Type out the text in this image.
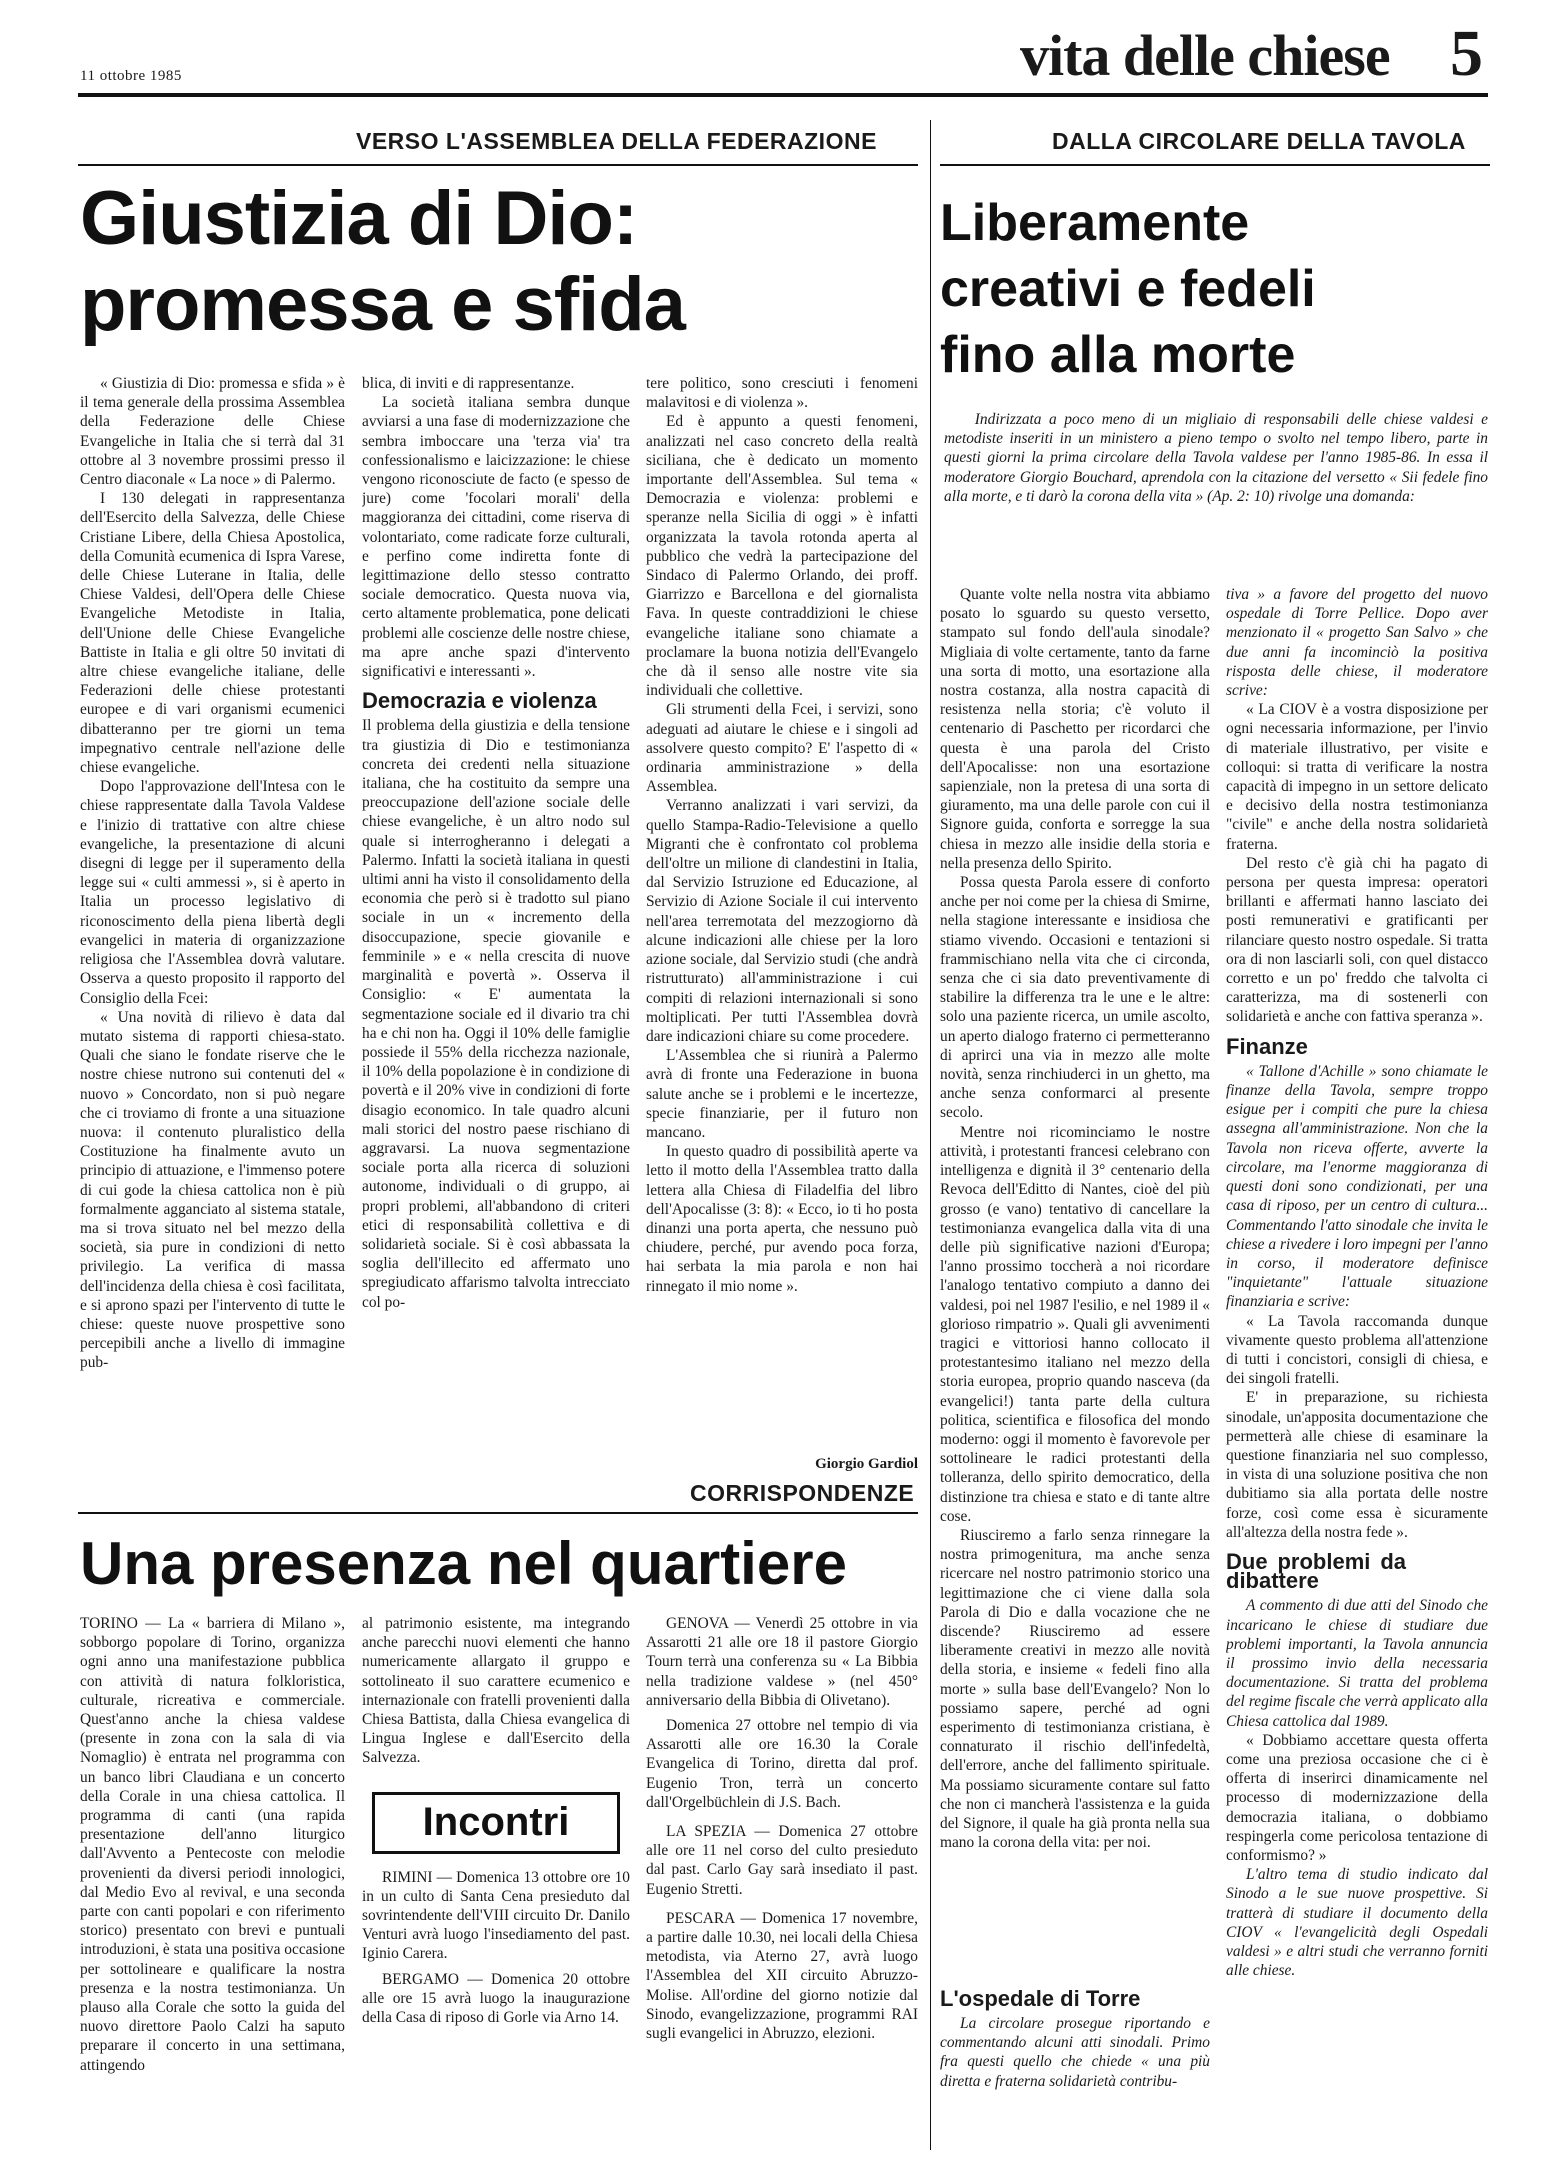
11 ottobre 1985	vita delle chiese 5
VERSO L'ASSEMBLEA DELLA FEDERAZIONE
Giustizia di Dio:
promessa e sfida

« Giustizia di Dio: promessa e sfida » è il tema generale della prossima Assemblea della Federazione delle Chiese Evangeliche in Italia che si terrà dal 31 ottobre al 3 novembre prossimi presso il Centro diaconale « La noce » di Palermo.

I 130 delegati in rappresentanza dell'Esercito della Salvezza, delle Chiese Cristiane Libere, della Chiesa Apostolica, della Comunità ecumenica di Ispra Varese, delle Chiese Luterane in Italia, delle Chiese Valdesi, dell'Opera delle Chiese Evangeliche Metodiste in Italia, dell'Unione delle Chiese Evangeliche Battiste in Italia e gli oltre 50 invitati di altre chiese evangeliche italiane, delle Federazioni delle chiese protestanti europee e di vari organismi ecumenici dibatteranno per tre giorni un tema impegnativo centrale nell'azione delle chiese evangeliche.

Dopo l'approvazione dell'Intesa con le chiese rappresentate dalla Tavola Valdese e l'inizio di trattative con altre chiese evangeliche, la presentazione di alcuni disegni di legge per il superamento della legge sui « culti ammessi », si è aperto in Italia un processo legislativo di riconoscimento della piena libertà degli evangelici in materia di organizzazione religiosa che l'Assemblea dovrà valutare. Osserva a questo proposito il rapporto del Consiglio della Fcei:

« Una novità di rilievo è data dal mutato sistema di rapporti chiesa-stato. Quali che siano le fondate riserve che le nostre chiese nutrono sui contenuti del « nuovo » Concordato, non si può negare che ci troviamo di fronte a una situazione nuova: il contenuto pluralistico della Costituzione ha finalmente avuto un principio di attuazione, e l'immenso potere di cui gode la chiesa cattolica non è più formalmente agganciato al sistema statale, ma si trova situato nel bel mezzo della società, sia pure in condizioni di netto privilegio. La verifica di massa dell'incidenza della chiesa è così facilitata, e si aprono spazi per l'intervento di tutte le chiese: queste nuove prospettive sono percepibili anche a livello di immagine pub-

blica, di inviti e di rappresentanze.

La società italiana sembra dunque avviarsi a una fase di modernizzazione che sembra imboccare una 'terza via' tra confessionalismo e laicizzazione: le chiese vengono riconosciute de facto (e spesso de jure) come 'focolari morali' della maggioranza dei cittadini, come riserva di volontariato, come radicate forze culturali, e perfino come indiretta fonte di legittimazione dello stesso contratto sociale democratico. Questa nuova via, certo altamente problematica, pone delicati problemi alle coscienze delle nostre chiese, ma apre anche spazi d'intervento significativi e interessanti ».

Democrazia e violenza

Il problema della giustizia e della tensione tra giustizia di Dio e testimonianza concreta dei credenti nella situazione italiana, che ha costituito da sempre una preoccupazione dell'azione sociale delle chiese evangeliche, è un altro nodo sul quale si interrogheranno i delegati a Palermo. Infatti la società italiana in questi ultimi anni ha visto il consolidamento della economia che però si è tradotto sul piano sociale in un « incremento della disoccupazione, specie giovanile e femminile » e « nella crescita di nuove marginalità e povertà ». Osserva il Consiglio: « E' aumentata la segmentazione sociale ed il divario tra chi ha e chi non ha. Oggi il 10% delle famiglie possiede il 55% della ricchezza nazionale, il 10% della popolazione è in condizione di povertà e il 20% vive in condizioni di forte disagio economico. In tale quadro alcuni mali storici del nostro paese rischiano di aggravarsi. La nuova segmentazione sociale porta alla ricerca di soluzioni autonome, individuali o di gruppo, ai propri problemi, all'abbandono di criteri etici di responsabilità collettiva e di solidarietà sociale. Si è così abbassata la soglia dell'illecito ed affermato uno spregiudicato affarismo talvolta intrecciato col po-

tere politico, sono cresciuti i fenomeni malavitosi e di violenza ».

Ed è appunto a questi fenomeni, analizzati nel caso concreto della realtà siciliana, che è dedicato un momento importante dell'Assemblea. Sul tema « Democrazia e violenza: problemi e speranze nella Sicilia di oggi » è infatti organizzata la tavola rotonda aperta al pubblico che vedrà la partecipazione del Sindaco di Palermo Orlando, dei proff. Giarrizzo e Barcellona e del giornalista Fava. In queste contraddizioni le chiese evangeliche italiane sono chiamate a proclamare la buona notizia dell'Evangelo che dà il senso alle nostre vite sia individuali che collettive.

Gli strumenti della Fcei, i servizi, sono adeguati ad aiutare le chiese e i singoli ad assolvere questo compito? E' l'aspetto di « ordinaria amministrazione » della Assemblea.

Verranno analizzati i vari servizi, da quello Stampa-Radio-Televisione a quello Migranti che è confrontato col problema dell'oltre un milione di clandestini in Italia, dal Servizio Istruzione ed Educazione, al Servizio di Azione Sociale il cui intervento nell'area terremotata del mezzogiorno dà alcune indicazioni alle chiese per la loro azione sociale, dal Servizio studi (che andrà ristrutturato) all'amministrazione i cui compiti di relazioni internazionali si sono moltiplicati. Per tutti l'Assemblea dovrà dare indicazioni chiare su come procedere.

L'Assemblea che si riunirà a Palermo avrà di fronte una Federazione in buona salute anche se i problemi e le incertezze, specie finanziarie, per il futuro non mancano.

In questo quadro di possibilità aperte va letto il motto della l'Assemblea tratto dalla lettera alla Chiesa di Filadelfia del libro dell'Apocalisse (3: 8): « Ecco, io ti ho posta dinanzi una porta aperta, che nessuno può chiudere, perché, pur avendo poca forza, hai serbata la mia parola e non hai rinnegato il mio nome ».

Giorgio Gardiol
DALLA CIRCOLARE DELLA TAVOLA
Liberamente
creativi e fedeli
fino alla morte
Indirizzata a poco meno di un migliaio di responsabili delle chiese valdesi e metodiste inseriti in un ministero a pieno tempo o svolto nel tempo libero, parte in questi giorni la prima circolare della Tavola valdese per l'anno 1985-86. In essa il moderatore Giorgio Bouchard, aprendola con la citazione del versetto « Sii fedele fino alla morte, e ti darò la corona della vita » (Ap. 2: 10) rivolge una domanda:

Quante volte nella nostra vita abbiamo posato lo sguardo su questo versetto, stampato sul fondo dell'aula sinodale? Migliaia di volte certamente, tanto da farne una sorta di motto, una esortazione alla nostra costanza, alla nostra capacità di resistenza nella storia; c'è voluto il centenario di Paschetto per ricordarci che questa è una parola del Cristo dell'Apocalisse: non una esortazione sapienziale, non la pretesa di una sorta di giuramento, ma una delle parole con cui il Signore guida, conforta e sorregge la sua chiesa in mezzo alle insidie della storia e nella presenza dello Spirito.

Possa questa Parola essere di conforto anche per noi come per la chiesa di Smirne, nella stagione interessante e insidiosa che stiamo vivendo. Occasioni e tentazioni si frammischiano nella vita che ci circonda, senza che ci sia dato preventivamente di stabilire la differenza tra le une e le altre: solo una paziente ricerca, un umile ascolto, un aperto dialogo fraterno ci permetteranno di aprirci una via in mezzo alle molte novità, senza rinchiuderci in un ghetto, ma anche senza conformarci al presente secolo.

Mentre noi ricominciamo le nostre attività, i protestanti francesi celebrano con intelligenza e dignità il 3° centenario della Revoca dell'Editto di Nantes, cioè del più grosso (e vano) tentativo di cancellare la testimonianza evangelica dalla vita di una delle più significative nazioni d'Europa; l'anno prossimo toccherà a noi ricordare l'analogo tentativo compiuto a danno dei valdesi, poi nel 1987 l'esilio, e nel 1989 il « glorioso rimpatrio ». Quali gli avvenimenti tragici e vittoriosi hanno collocato il protestantesimo italiano nel mezzo della storia europea, proprio quando nasceva (da evangelici!) tanta parte della cultura politica, scientifica e filosofica del mondo moderno: oggi il momento è favorevole per sottolineare le radici protestanti della tolleranza, dello spirito democratico, della distinzione tra chiesa e stato e di tante altre cose.

Riusciremo a farlo senza rinnegare la nostra primogenitura, ma anche senza ricercare nel nostro patrimonio storico una legittimazione che ci viene dalla sola Parola di Dio e dalla vocazione che ne discende? Riusciremo ad essere liberamente creativi in mezzo alle novità della storia, e insieme « fedeli fino alla morte » sulla base dell'Evangelo? Non lo possiamo sapere, perché ad ogni esperimento di testimonianza cristiana, è connaturato il rischio dell'infedeltà, dell'errore, anche del fallimento spirituale. Ma possiamo sicuramente contare sul fatto che non ci mancherà l'assistenza e la guida del Signore, il quale ha già pronta nella sua mano la corona della vita: per noi.

L'ospedale di Torre
La circolare prosegue riportando e commentando alcuni atti sinodali. Primo fra questi quello che chiede « una più diretta e fraterna solidarietà contribu-

tiva » a favore del progetto del nuovo ospedale di Torre Pellice. Dopo aver menzionato il « progetto San Salvo » che due anni fa incominciò la positiva risposta delle chiese, il moderatore scrive:

« La CIOV è a vostra disposizione per ogni necessaria informazione, per l'invio di materiale illustrativo, per visite e colloqui: si tratta di verificare la nostra capacità di impegno in un settore delicato e decisivo della nostra testimonianza "civile" e anche della nostra solidarietà fraterna.

Del resto c'è già chi ha pagato di persona per questa impresa: operatori brillanti e affermati hanno lasciato dei posti remunerativi e gratificanti per rilanciare questo nostro ospedale. Si tratta ora di non lasciarli soli, con quel distacco corretto e un po' freddo che talvolta ci caratterizza, ma di sostenerli con solidarietà e anche con fattiva speranza ».

Finanze

« Tallone d'Achille » sono chiamate le finanze della Tavola, sempre troppo esigue per i compiti che pure la chiesa assegna all'amministrazione. Non che la Tavola non riceva offerte, avverte la circolare, ma l'enorme maggioranza di questi doni sono condizionati, per una casa di riposo, per un centro di cultura... Commentando l'atto sinodale che invita le chiese a rivedere i loro impegni per l'anno in corso, il moderatore definisce "inquietante" l'attuale situazione finanziaria e scrive:

« La Tavola raccomanda dunque vivamente questo problema all'attenzione di tutti i concistori, consigli di chiesa, e dei singoli fratelli.

E' in preparazione, su richiesta sinodale, un'apposita documentazione che permetterà alle chiese di esaminare la questione finanziaria nel suo complesso, in vista di una soluzione positiva che non dubitiamo sia alla portata delle nostre forze, così come essa è sicuramente all'altezza della nostra fede ».

Due problemi da dibattere

A commento di due atti del Sinodo che incaricano le chiese di studiare due problemi importanti, la Tavola annuncia il prossimo invio della necessaria documentazione. Si tratta del problema del regime fiscale che verrà applicato alla Chiesa cattolica dal 1989.

« Dobbiamo accettare questa offerta come una preziosa occasione che ci è offerta di inserirci dinamicamente nel processo di modernizzazione della democrazia italiana, o dobbiamo respingerla come pericolosa tentazione di conformismo? »

L'altro tema di studio indicato dal Sinodo a le sue nuove prospettive. Si tratterà di studiare il documento della CIOV « l'evangelicità degli Ospedali valdesi » e altri studi che verranno forniti alle chiese.

CORRISPONDENZE
Una presenza nel quartiere
TORINO — La « barriera di Milano », sobborgo popolare di Torino, organizza ogni anno una manifestazione pubblica con attività di natura folkloristica, culturale, ricreativa e commerciale. Quest'anno anche la chiesa valdese (presente in zona con la sala di via Nomaglio) è entrata nel programma con un banco libri Claudiana e un concerto della Corale in una chiesa cattolica. Il programma di canti (una rapida presentazione dell'anno liturgico dall'Avvento a Pentecoste con melodie provenienti da diversi periodi innologici, dal Medio Evo al revival, e una seconda parte con canti popolari e con riferimento storico) presentato con brevi e puntuali introduzioni, è stata una positiva occasione per sottolineare e qualificare la nostra presenza e la nostra testimonianza. Un plauso alla Corale che sotto la guida del nuovo direttore Paolo Calzi ha saputo preparare il concerto in una settimana, attingendo

al patrimonio esistente, ma integrando anche parecchi nuovi elementi che hanno numericamente allargato il gruppo e sottolineato il suo carattere ecumenico e internazionale con fratelli provenienti dalla Chiesa Battista, dalla Chiesa evangelica di Lingua Inglese e dall'Esercito della Salvezza.

Incontri

RIMINI — Domenica 13 ottobre ore 10 in un culto di Santa Cena presieduto dal sovrintendente dell'VIII circuito Dr. Danilo Venturi avrà luogo l'insediamento del past. Iginio Carera.

BERGAMO — Domenica 20 ottobre alle ore 15 avrà luogo la inaugurazione della Casa di riposo di Gorle via Arno 14.

GENOVA — Venerdì 25 ottobre in via Assarotti 21 alle ore 18 il pastore Giorgio Tourn terrà una conferenza su « La Bibbia nella tradizione valdese » (nel 450° anniversario della Bibbia di Olivetano).

Domenica 27 ottobre nel tempio di via Assarotti alle ore 16.30 la Corale Evangelica di Torino, diretta dal prof. Eugenio Tron, terrà un concerto dall'Orgelbüchlein di J.S. Bach.

LA SPEZIA — Domenica 27 ottobre alle ore 11 nel corso del culto presieduto dal past. Carlo Gay sarà insediato il past. Eugenio Stretti.

PESCARA — Domenica 17 novembre, a partire dalle 10.30, nei locali della Chiesa metodista, via Aterno 27, avrà luogo l'Assemblea del XII circuito Abruzzo-Molise. All'ordine del giorno notizie dal Sinodo, evangelizzazione, programmi RAI sugli evangelici in Abruzzo, elezioni.
